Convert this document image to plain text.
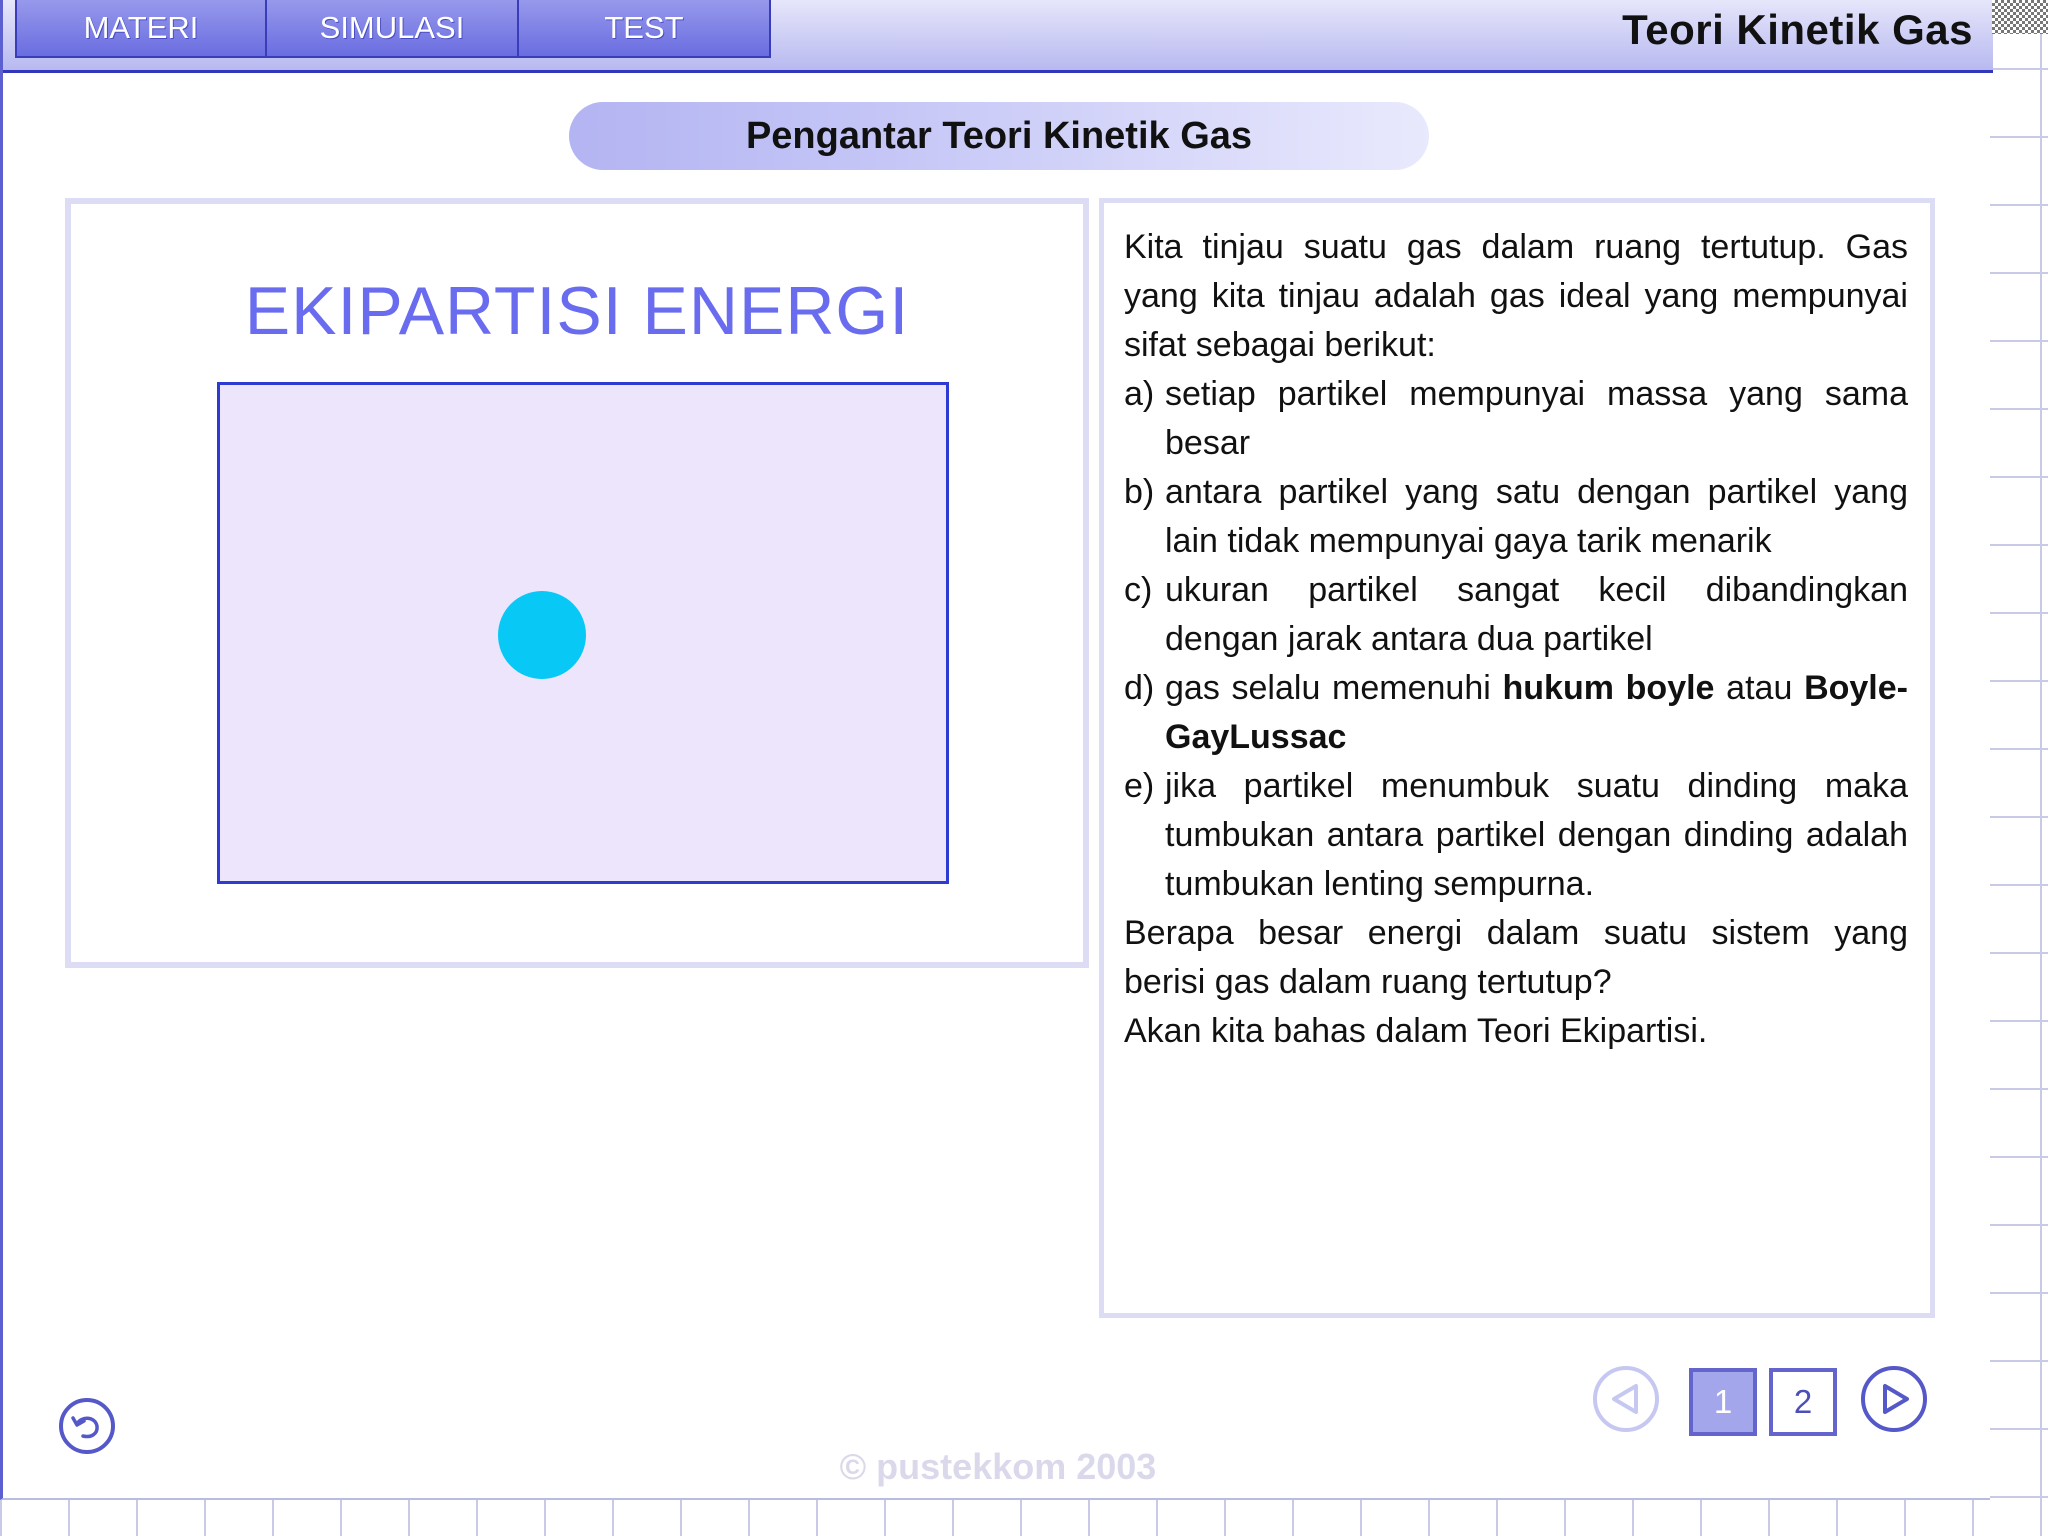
MATERI	SIMULASI	TEST	Teori Kinetik Gas
Pengantar Teori Kinetik Gas
EKIPARTISI ENERGI

Kita tinjau suatu gas dalam ruang tertutup. Gas yang kita tinjau adalah gas ideal yang mempunyai sifat sebagai berikut:

a) setiap partikel mempunyai massa yang sama besar
b) antara partikel yang satu dengan partikel yang lain tidak mempunyai gaya tarik menarik
c) ukuran partikel sangat kecil dibandingkan dengan jarak antara dua partikel
d) gas selalu memenuhi hukum boyle atau Boyle-GayLussac
e) jika partikel menumbuk suatu dinding maka tumbukan antara partikel dengan dinding adalah tumbukan lenting sempurna.

Berapa besar energi dalam suatu sistem yang berisi gas dalam ruang tertutup?

Akan kita bahas dalam Teori Ekipartisi.

1	2
© pustekkom 2003
